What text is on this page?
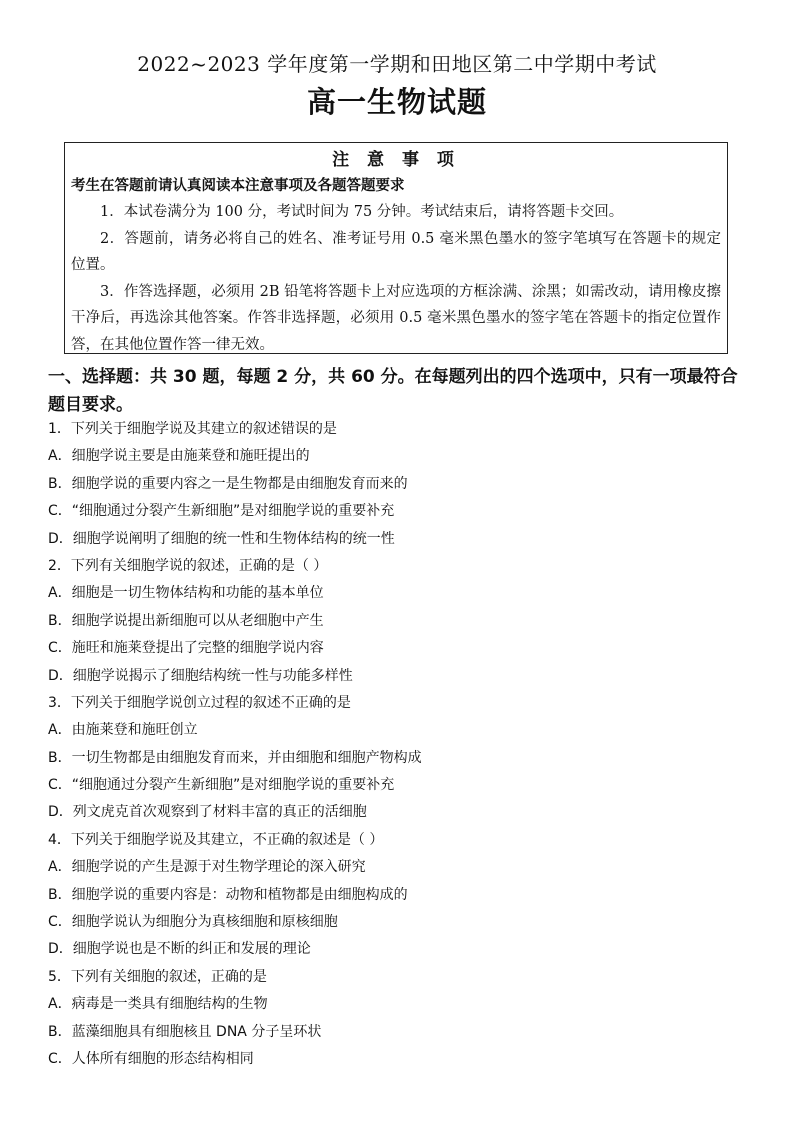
2022~2023 学年度第一学期和田地区第二中学期中考试
高一生物试题
注 意 事 项
考生在答题前请认真阅读本注意事项及各题答题要求
1．本试卷满分为 100 分，考试时间为 75 分钟。考试结束后，请将答题卡交回。
2．答题前，请务必将自己的姓名、准考证号用 0.5 毫米黑色墨水的签字笔填写在答题卡的规定位置。
3．作答选择题，必须用 2B 铅笔将答题卡上对应选项的方框涂满、涂黑；如需改动，请用橡皮擦干净后，再选涂其他答案。作答非选择题，必须用 0.5 毫米黑色墨水的签字笔在答题卡的指定位置作答，在其他位置作答一律无效。
一、选择题：共 30 题，每题 2 分，共 60 分。在每题列出的四个选项中，只有一项最符合题目要求。
1．下列关于细胞学说及其建立的叙述错误的是
A．细胞学说主要是由施莱登和施旺提出的
B．细胞学说的重要内容之一是生物都是由细胞发育而来的
C．“细胞通过分裂产生新细胞”是对细胞学说的重要补充
D．细胞学说阐明了细胞的统一性和生物体结构的统一性
2．下列有关细胞学说的叙述，正确的是（ ）
A．细胞是一切生物体结构和功能的基本单位
B．细胞学说提出新细胞可以从老细胞中产生
C．施旺和施莱登提出了完整的细胞学说内容
D．细胞学说揭示了细胞结构统一性与功能多样性
3．下列关于细胞学说创立过程的叙述不正确的是
A．由施莱登和施旺创立
B．一切生物都是由细胞发育而来，并由细胞和细胞产物构成
C．“细胞通过分裂产生新细胞”是对细胞学说的重要补充
D．列文虎克首次观察到了材料丰富的真正的活细胞
4．下列关于细胞学说及其建立，不正确的叙述是（ ）
A．细胞学说的产生是源于对生物学理论的深入研究
B．细胞学说的重要内容是：动物和植物都是由细胞构成的
C．细胞学说认为细胞分为真核细胞和原核细胞
D．细胞学说也是不断的纠正和发展的理论
5．下列有关细胞的叙述，正确的是
A．病毒是一类具有细胞结构的生物
B．蓝藻细胞具有细胞核且 DNA 分子呈环状
C．人体所有细胞的形态结构相同
